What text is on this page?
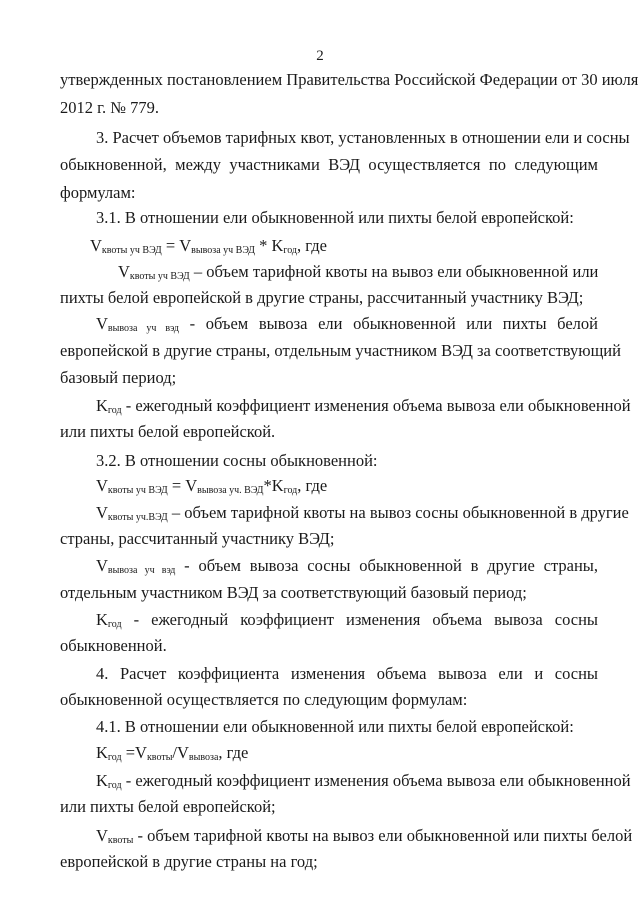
2
утвержденных постановлением Правительства Российской Федерации от 30 июля
2012 г. № 779.
3. Расчет объемов тарифных квот, установленных в отношении ели и сосны
обыкновенной, между участниками ВЭД осуществляется по следующим
формулам:
3.1. В отношении ели обыкновенной или пихты белой европейской:
$V_{квоты уч ВЭД} = V_{вывоза уч ВЭД} * K_{год}$, где
$V_{квоты уч ВЭД}$ – объем тарифной квоты на вывоз ели обыкновенной или
пихты белой европейской в другие страны, рассчитанный участнику ВЭД;
$V_{вывоза уч вэд}$ - объем вывоза ели обыкновенной или пихты белой
европейской в другие страны, отдельным участником ВЭД за соответствующий
базовый период;
$K_{год}$ - ежегодный коэффициент изменения объема вывоза ели обыкновенной
или пихты белой европейской.
3.2. В отношении сосны обыкновенной:
$V_{квоты уч ВЭД} = V_{вывоза уч. ВЭД}*K_{год}$, где
$V_{квоты уч.ВЭД}$ – объем тарифной квоты на вывоз сосны обыкновенной в другие
страны, рассчитанный участнику ВЭД;
$V_{вывоза уч вэд}$ - объем вывоза сосны обыкновенной в другие страны,
отдельным участником ВЭД за соответствующий базовый период;
$K_{год}$ - ежегодный коэффициент изменения объема вывоза сосны
обыкновенной.
4. Расчет коэффициента изменения объема вывоза ели и сосны
обыкновенной осуществляется по следующим формулам:
4.1. В отношении ели обыкновенной или пихты белой европейской:
$K_{год} =V_{квоты}/V_{вывоза}$, где
$K_{год}$ - ежегодный коэффициент изменения объема вывоза ели обыкновенной
или пихты белой европейской;
$V_{квоты}$ - объем тарифной квоты на вывоз ели обыкновенной или пихты белой
европейской в другие страны на год;
